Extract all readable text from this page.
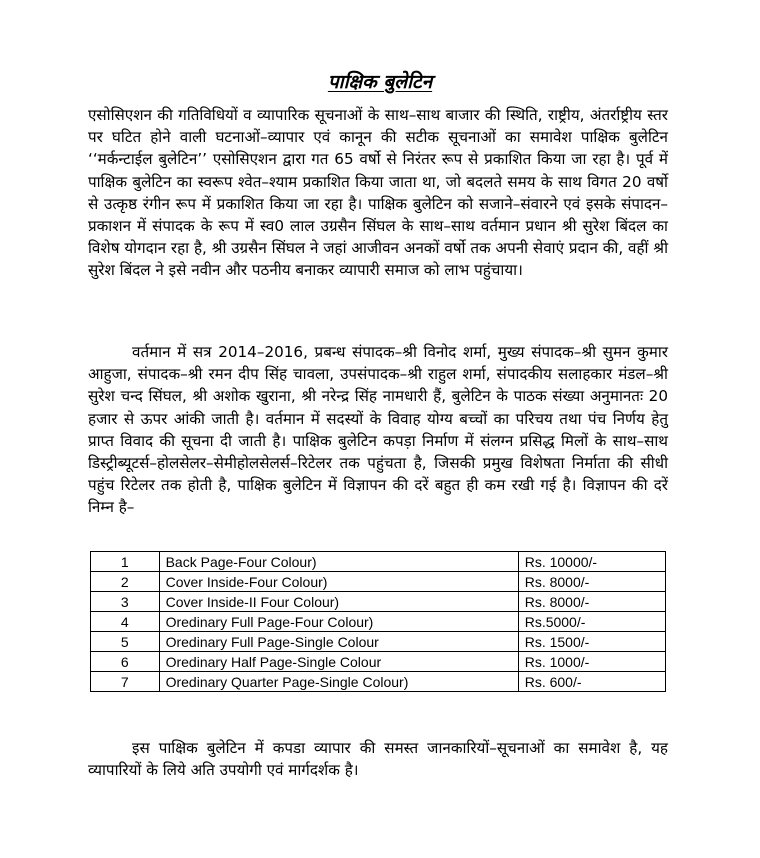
पाक्षिक बुलेटिन

एसोसिएशन की गतिविधियों व व्यापारिक सूचनाओं के साथ–साथ बाजार की स्थिति, राष्ट्रीय, अंतर्राष्ट्रीय स्तर पर घटित होने वाली घटनाओं–व्यापार एवं कानून की सटीक सूचनाओं का समावेश पाक्षिक बुलेटिन ‘‘मर्कन्टाईल बुलेटिन’’ एसोसिएशन द्वारा गत 65 वर्षो से निरंतर रूप से प्रकाशित किया जा रहा है। पूर्व में पाक्षिक बुलेटिन का स्वरूप श्वेत–श्याम प्रकाशित किया जाता था, जो बदलते समय के साथ विगत 20 वर्षो से उत्कृष्ठ रंगीन रूप में प्रकाशित किया जा रहा है। पाक्षिक बुलेटिन को सजाने–संवारने एवं इसके संपादन–प्रकाशन में संपादक के रूप में स्व0 लाल उग्रसैन सिंघल के साथ–साथ वर्तमान प्रधान श्री सुरेश बिंदल का विशेष योगदान रहा है, श्री उग्रसैन सिंघल ने जहां आजीवन अनकों वर्षो तक अपनी सेवाएं प्रदान की, वहीं श्री सुरेश बिंदल ने इसे नवीन और पठनीय बनाकर व्यापारी समाज को लाभ पहुंचाया।

वर्तमान में सत्र 2014–2016, प्रबन्ध संपादक–श्री विनोद शर्मा, मुख्य संपादक–श्री सुमन कुमार आहुजा, संपादक–श्री रमन दीप सिंह चावला, उपसंपादक–श्री राहुल शर्मा, संपादकीय सलाहकार मंडल–श्री सुरेश चन्द सिंघल, श्री अशोक खुराना, श्री नरेन्द्र सिंह नामधारी हैं, बुलेटिन के पाठक संख्या अनुमानतः 20 हजार से ऊपर आंकी जाती है। वर्तमान में सदस्यों के विवाह योग्य बच्चों का परिचय तथा पंच निर्णय हेतु प्राप्त विवाद की सूचना दी जाती है। पाक्षिक बुलेटिन कपड़ा निर्माण में संलग्न प्रसिद्ध मिलों के साथ–साथ डिस्ट्रीब्यूटर्स–होलसेलर–सेमीहोलसेलर्स–रिटेलर तक पहुंचता है, जिसकी प्रमुख विशेषता निर्माता की सीधी पहुंच रिटेलर तक होती है, पाक्षिक बुलेटिन में विज्ञापन की दरें बहुत ही कम रखी गई है। विज्ञापन की दरें निम्न है–

1	Back Page-Four Colour)	Rs. 10000/-
2	Cover Inside-Four Colour)	Rs. 8000/-
3	Cover Inside-II Four Colour)	Rs. 8000/-
4	Oredinary Full Page-Four Colour)	Rs.5000/-
5	Oredinary Full Page-Single Colour	Rs. 1500/-
6	Oredinary Half Page-Single Colour	Rs. 1000/-
7	Oredinary Quarter Page-Single Colour)	Rs. 600/-

इस पाक्षिक बुलेटिन में कपडा व्यापार की समस्त जानकारियों–सूचनाओं का समावेश है, यह व्यापारियों के लिये अति उपयोगी एवं मार्गदर्शक है।
